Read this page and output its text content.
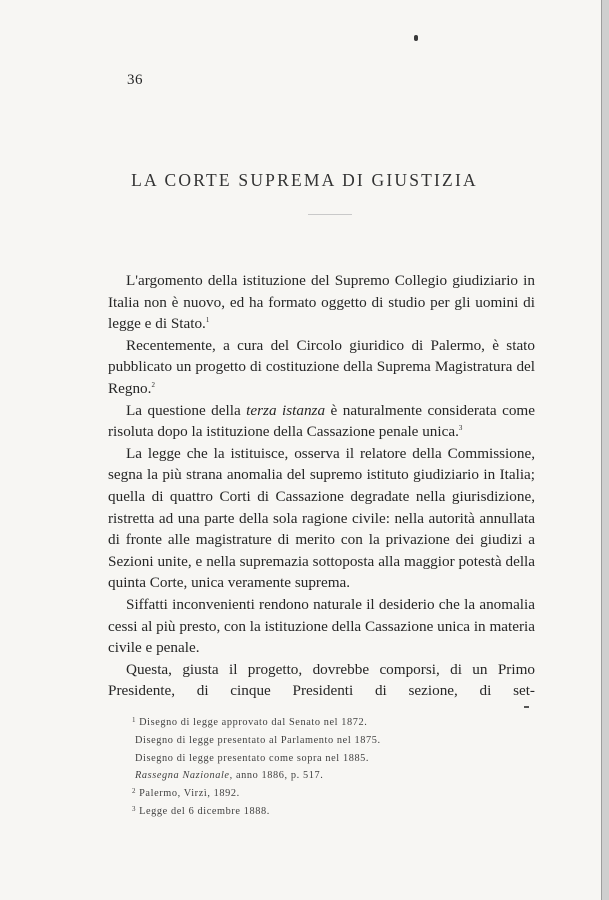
36
LA CORTE SUPREMA DI GIUSTIZIA

L'argomento della istituzione del Supremo Collegio giudiziario in Italia non è nuovo, ed ha formato oggetto di studio per gli uomini di legge e di Stato.$^1$

Recentemente, a cura del Circolo giuridico di Palermo, è stato pubblicato un progetto di costituzione della Suprema Magistratura del Regno.$^2$

La questione della terza istanza è naturalmente considerata come risoluta dopo la istituzione della Cassazione penale unica.$^3$

La legge che la istituisce, osserva il relatore della Commissione, segna la più strana anomalia del supremo istituto giudiziario in Italia; quella di quattro Corti di Cassazione degradate nella giurisdizione, ristretta ad una parte della sola ragione civile: nella autorità annullata di fronte alle magistrature di merito con la privazione dei giudizi a Sezioni unite, e nella supremazia sottoposta alla maggior potestà della quinta Corte, unica veramente suprema.

Siffatti inconvenienti rendono naturale il desiderio che la anomalia cessi al più presto, con la istituzione della Cassazione unica in materia civile e penale.

Questa, giusta il progetto, dovrebbe comporsi, di un Primo Presidente, di cinque Presidenti di sezione, di set-

$^1$ Disegno di legge approvato dal Senato nel 1872.
Disegno di legge presentato al Parlamento nel 1875.
Disegno di legge presentato come sopra nel 1885.
Rassegna Nazionale, anno 1886, p. 517.
$^2$ Palermo, Virzì, 1892.
$^3$ Legge del 6 dicembre 1888.
